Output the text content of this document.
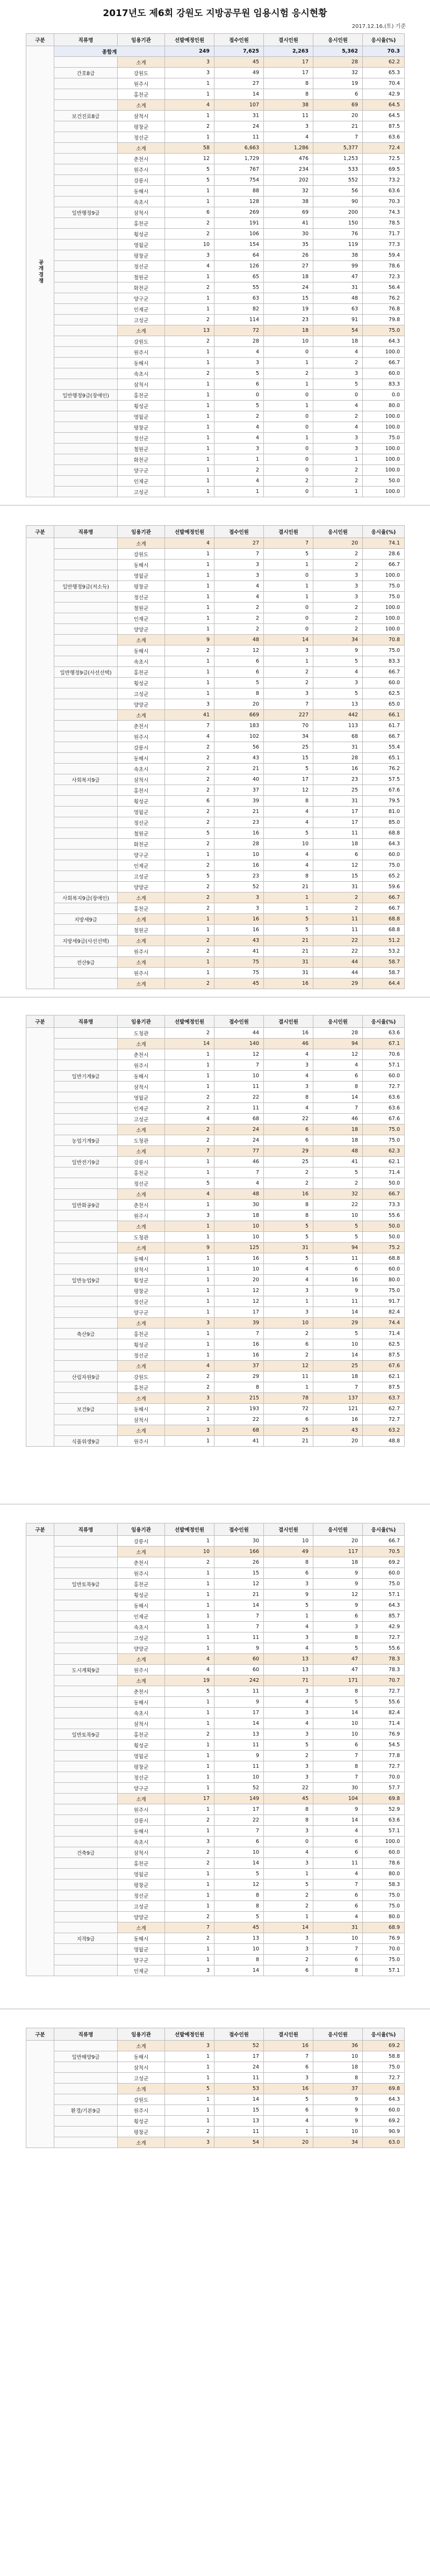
2017년도 제6회 강원도 지방공무원 임용시험 응시현황
2017.12.16.(토) 기준
구분	직류명	임용기관	선발예정인원	접수인원	결시인원	응시인원	응시율(%)
공개경쟁	종합계		249	7,625	2,263	5,362	70.3
		소계	3	45	17	28	62.2
	간호8급	강원도	3	49	17	32	65.3
		원주시	1	27	8	19	70.4
		홍천군	1	14	8	6	42.9
		소계	4	107	38	69	64.5
	보건진료8급	삼척시	1	31	11	20	64.5
		평창군	2	24	3	21	87.5
		정선군	1	11	4	7	63.6
		소계	58	6,663	1,286	5,377	72.4
		춘천시	12	1,729	476	1,253	72.5
		원주시	5	767	234	533	69.5
		강릉시	5	754	202	552	73.2
		동해시	1	88	32	56	63.6
		속초시	1	128	38	90	70.3
	일반행정9급	삼척시	6	269	69	200	74.3
		홍천군	2	191	41	150	78.5
		횡성군	2	106	30	76	71.7
		영월군	10	154	35	119	77.3
		평창군	3	64	26	38	59.4
		정선군	4	126	27	99	78.6
		철원군	1	65	18	47	72.3
		화천군	2	55	24	31	56.4
		양구군	1	63	15	48	76.2
		인제군	1	82	19	63	76.8
		고성군	2	114	23	91	79.8
		소계	13	72	18	54	75.0
		강원도	2	28	10	18	64.3
		원주시	1	4	0	4	100.0
		동해시	1	3	1	2	66.7
		속초시	2	5	2	3	60.0
		삼척시	1	6	1	5	83.3
	일반행정9급(장애인)	홍천군	1	0	0	0	0.0
		횡성군	1	5	1	4	80.0
		영월군	1	2	0	2	100.0
		평창군	1	4	0	4	100.0
		정선군	1	4	1	3	75.0
		철원군	1	3	0	3	100.0
		화천군	1	1	0	1	100.0
		양구군	1	2	0	2	100.0
		인제군	1	4	2	2	50.0
		고성군	1	1	0	1	100.0
구분	직류명	임용기관	선발예정인원	접수인원	결시인원	응시인원	응시율(%)
		소계	4	27	7	20	74.1
		강원도	1	7	5	2	28.6
		동해시	1	3	1	2	66.7
		영월군	1	3	0	3	100.0
	일반행정9급(저소득)	평창군	1	4	1	3	75.0
		정선군	1	4	1	3	75.0
		철원군	1	2	0	2	100.0
		인제군	1	2	0	2	100.0
		양양군	1	2	0	2	100.0
		소계	9	48	14	34	70.8
		동해시	2	12	3	9	75.0
		속초시	1	6	1	5	83.3
	일반행정9급(사선선택)	홍천군	1	6	2	4	66.7
		횡성군	1	5	2	3	60.0
		고성군	1	8	3	5	62.5
		양양군	3	20	7	13	65.0
		소계	41	669	227	442	66.1
		춘천시	7	183	70	113	61.7
		원주시	4	102	34	68	66.7
		강릉시	2	56	25	31	55.4
		동해시	2	43	15	28	65.1
		속초시	2	21	5	16	76.2
	사회복지9급	삼척시	2	40	17	23	57.5
		홍천시	2	37	12	25	67.6
		횡성군	6	39	8	31	79.5
		영월군	2	21	4	17	81.0
		정선군	2	23	4	17	85.0
		철원군	5	16	5	11	68.8
		화천군	2	28	10	18	64.3
		양구군	1	10	4	6	60.0
		인제군	2	16	4	12	75.0
		고성군	5	23	8	15	65.2
		양양군	2	52	21	31	59.6
	사회복지9급(장애인)	소계	2	3	1	2	66.7
		홍천군	2	3	1	2	66.7
	지방세9급	소계	1	16	5	11	68.8
		철원군	1	16	5	11	68.8
	지방세9급(사선선택)	소계	2	43	21	22	51.2
		원주시	2	41	21	22	53.2
	전산9급	소계	1	75	31	44	58.7
		원주시	1	75	31	44	58.7
		소계	2	45	16	29	64.4
구분	직류명	임용기관	선발예정인원	접수인원	결시인원	응시인원	응시율(%)
		도청관	2	44	16	28	63.6
		소계	14	140	46	94	67.1
		춘천시	1	12	4	12	70.6
		원주시	1	7	3	4	57.1
	일반기계9급	동해시	1	10	4	6	60.0
		삼척시	1	11	3	8	72.7
		영월군	2	22	8	14	63.6
		인제군	2	11	4	7	63.6
		고성군	4	68	22	46	67.6
		소계	2	24	6	18	75.0
	농업기계9급	도청관	2	24	6	18	75.0
		소계	7	77	29	48	62.3
	일반전기9급	강릉시	1	46	25	41	62.1
		홍천군	1	7	2	5	71.4
		정선군	5	4	2	2	50.0
		소계	4	48	16	32	66.7
	일반화공9급	춘천시	1	30	8	22	73.3
		원주시	3	18	8	10	55.6
		소계	1	10	5	5	50.0
		도청관	1	10	5	5	50.0
		소계	9	125	31	94	75.2
		동해시	1	16	5	11	68.8
		삼척시	1	10	4	6	60.0
	일반농업9급	횡성군	1	20	4	16	80.0
		평창군	1	12	3	9	75.0
		정선군	1	12	1	11	91.7
		양구군	1	17	3	14	82.4
		소계	3	39	10	29	74.4
	축산9급	홍천군	1	7	2	5	71.4
		횡성군	1	16	6	10	62.5
		정선군	1	16	2	14	87.5
		소계	4	37	12	25	67.6
	산림자원9급	강원도	2	29	11	18	62.1
		홍천군	2	8	1	7	87.5
		소계	3	215	78	137	63.7
	보건9급	동해시	2	193	72	121	62.7
		삼척시	1	22	6	16	72.7
		소계	3	68	25	43	63.2
	식품위생9급	원주시	1	41	21	20	48.8
구분	직류명	임용기관	선발예정인원	접수인원	결시인원	응시인원	응시율(%)
		강릉시	1	30	10	20	66.7
		소계	10	166	49	117	70.5
		춘천시	2	26	8	18	69.2
		원주시	1	15	6	9	60.0
	일반토목9급	홍천군	1	12	3	9	75.0
		횡성군	1	21	9	12	57.1
		동해시	1	14	5	9	64.3
		인제군	1	7	1	6	85.7
		속초시	1	7	4	3	42.9
		고성군	1	11	3	8	72.7
		양양군	1	9	4	5	55.6
		소계	4	60	13	47	78.3
	도시계획9급	원주시	4	60	13	47	78.3
		소계	19	242	71	171	70.7
		춘천시	5	11	3	8	72.7
		동해시	1	9	4	5	55.6
		속초시	1	17	3	14	82.4
		삼척시	1	14	4	10	71.4
	일반토목9급	홍천군	2	13	3	10	76.9
		횡성군	1	11	5	6	54.5
		영월군	1	9	2	7	77.8
		평창군	1	11	3	8	72.7
		정선군	1	10	3	7	70.0
		양구군	1	52	22	30	57.7
		소계	17	149	45	104	69.8
		원주시	1	17	8	9	52.9
		강릉시	2	22	8	14	63.6
		동해시	1	7	3	4	57.1
		속초시	3	6	0	6	100.0
	건축9급	삼척시	2	10	4	6	60.0
		홍천군	2	14	3	11	78.6
		영월군	1	5	1	4	80.0
		평창군	1	12	5	7	58.3
		정선군	1	8	2	6	75.0
		고성군	1	8	2	6	75.0
		양양군	2	5	1	4	80.0
		소계	7	45	14	31	68.9
	지적9급	동해시	2	13	3	10	76.9
		영월군	1	10	3	7	70.0
		양구군	1	8	2	6	75.0
		인제군	3	14	6	8	57.1
구분	직류명	임용기관	선발예정인원	접수인원	결시인원	응시인원	응시율(%)
		소계	3	52	16	36	69.2
	일반해양9급	동해시	1	17	7	10	58.8
		삼척시	1	24	6	18	75.0
		고성군	1	11	3	8	72.7
		소계	5	53	16	37	69.8
		강원도	1	14	5	9	64.3
	환경/기본9급	원주시	1	15	6	9	60.0
		횡성군	1	13	4	9	69.2
		평창군	2	11	1	10	90.9
		소계	3	54	20	34	63.0
